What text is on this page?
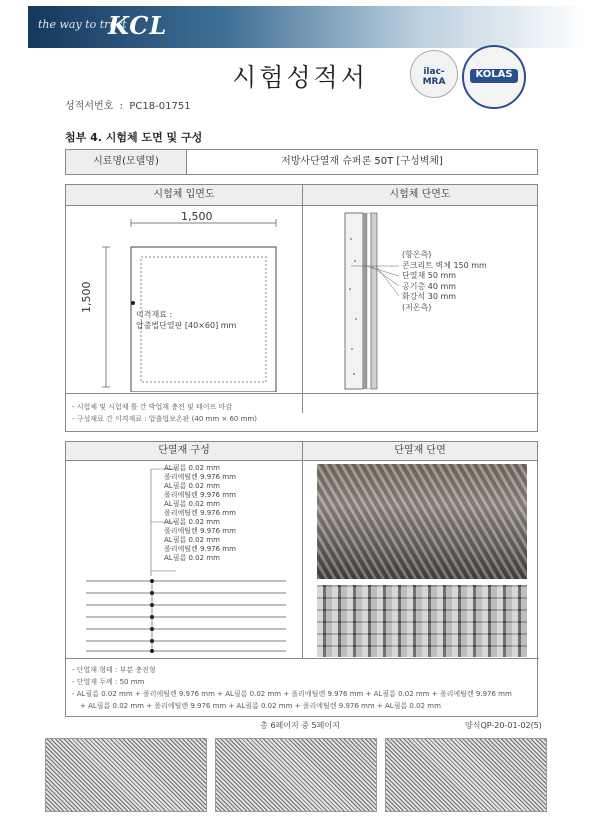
the way to trust
KCL
ilac-MRA
KOLAS
시험성적서
성적서번호  :  PC18-01751
첨부 4. 시험체 도면 및 구성
시료명(모델명)	저방사단열재 슈퍼론 50T [구성벽체]
시험체 입면도	시험체 단면도
1,500
1,500
이격재료 :
압출법단열판 [40×60] mm
(항온측)
콘크리트 벽체 150 mm
단열재 50 mm
공기층 40 mm
화강석 30 mm
(저온측)
- 시험체 및 시험체 틀 간 박업재 충전 및 테이프 마감
- 구성재료 간 이격재료 : 압출법보온판 (40 mm × 60 mm)
단열재 구성	단열재 단면
AL필름 0.02 mm
폴리에틸렌 9.976 mm
AL필름 0.02 mm
폴리에틸렌 9.976 mm
AL필름 0.02 mm
폴리에틸렌 9.976 mm
AL필름 0.02 mm
폴리에틸렌 9.976 mm
AL필름 0.02 mm
폴리에틸렌 9.976 mm
AL필름 0.02 mm
- 단열재 형태 : 부분 충진형
- 단열재 두께 : 50 mm
- AL필름 0.02 mm + 폴리에틸렌 9.976 mm + AL필름 0.02 mm + 폴리에틸렌 9.976 mm + AL필름 0.02 mm + 폴리에틸렌 9.976 mm
+ AL필름 0.02 mm + 폴리에틸렌 9.976 mm + AL필름 0.02 mm + 폴리에틸렌 9.976 mm + AL필름 0.02 mm
총 6페이지 중 5페이지	양식QP-20-01-02(5)
